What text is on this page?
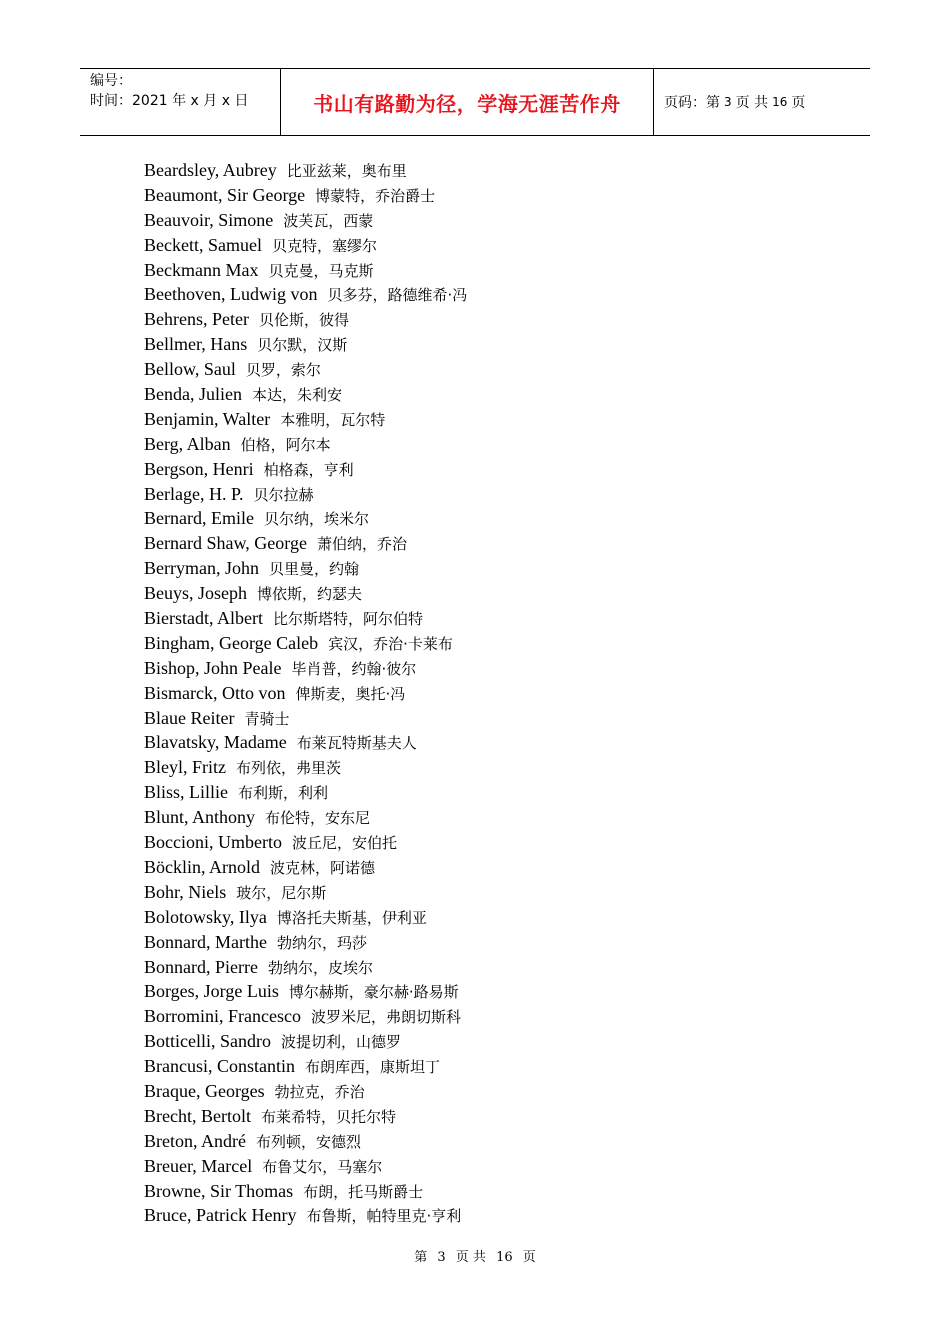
编号：
时间：2021 年 x 月 x 日	书山有路勤为径，学海无涯苦作舟	页码：第 3 页 共 16 页
Beardsley, Aubrey 比亚兹莱，奥布里
Beaumont, Sir George 博蒙特，乔治爵士
Beauvoir, Simone 波芙瓦，西蒙
Beckett, Samuel 贝克特，塞缪尔
Beckmann Max 贝克曼，马克斯
Beethoven, Ludwig von 贝多芬，路德维希·冯
Behrens, Peter 贝伦斯，彼得
Bellmer, Hans 贝尔默，汉斯
Bellow, Saul 贝罗，索尔
Benda, Julien 本达，朱利安
Benjamin, Walter 本雅明，瓦尔特
Berg, Alban 伯格，阿尔本
Bergson, Henri 柏格森，亨利
Berlage, H. P. 贝尔拉赫
Bernard, Emile 贝尔纳，埃米尔
Bernard Shaw, George 萧伯纳，乔治
Berryman, John 贝里曼，约翰
Beuys, Joseph 博依斯，约瑟夫
Bierstadt, Albert 比尔斯塔特，阿尔伯特
Bingham, George Caleb 宾汉，乔治·卡莱布
Bishop, John Peale 毕肖普，约翰·彼尔
Bismarck, Otto von 俾斯麦，奥托·冯
Blaue Reiter 青骑士
Blavatsky, Madame 布莱瓦特斯基夫人
Bleyl, Fritz 布列依，弗里茨
Bliss, Lillie 布利斯，利利
Blunt, Anthony 布伦特，安东尼
Boccioni, Umberto 波丘尼，安伯托
Böcklin, Arnold 波克林，阿诺德
Bohr, Niels 玻尔，尼尔斯
Bolotowsky, Ilya 博洛托夫斯基，伊利亚
Bonnard, Marthe 勃纳尔，玛莎
Bonnard, Pierre 勃纳尔，皮埃尔
Borges, Jorge Luis 博尔赫斯，豪尔赫·路易斯
Borromini, Francesco 波罗米尼，弗朗切斯科
Botticelli, Sandro 波提切利，山德罗
Brancusi, Constantin 布朗库西，康斯坦丁
Braque, Georges 勃拉克，乔治
Brecht, Bertolt 布莱希特，贝托尔特
Breton, André 布列顿，安德烈
Breuer, Marcel 布鲁艾尔，马塞尔
Browne, Sir Thomas 布朗，托马斯爵士
Bruce, Patrick Henry 布鲁斯，帕特里克·亨利
第 3 页 共 16 页
